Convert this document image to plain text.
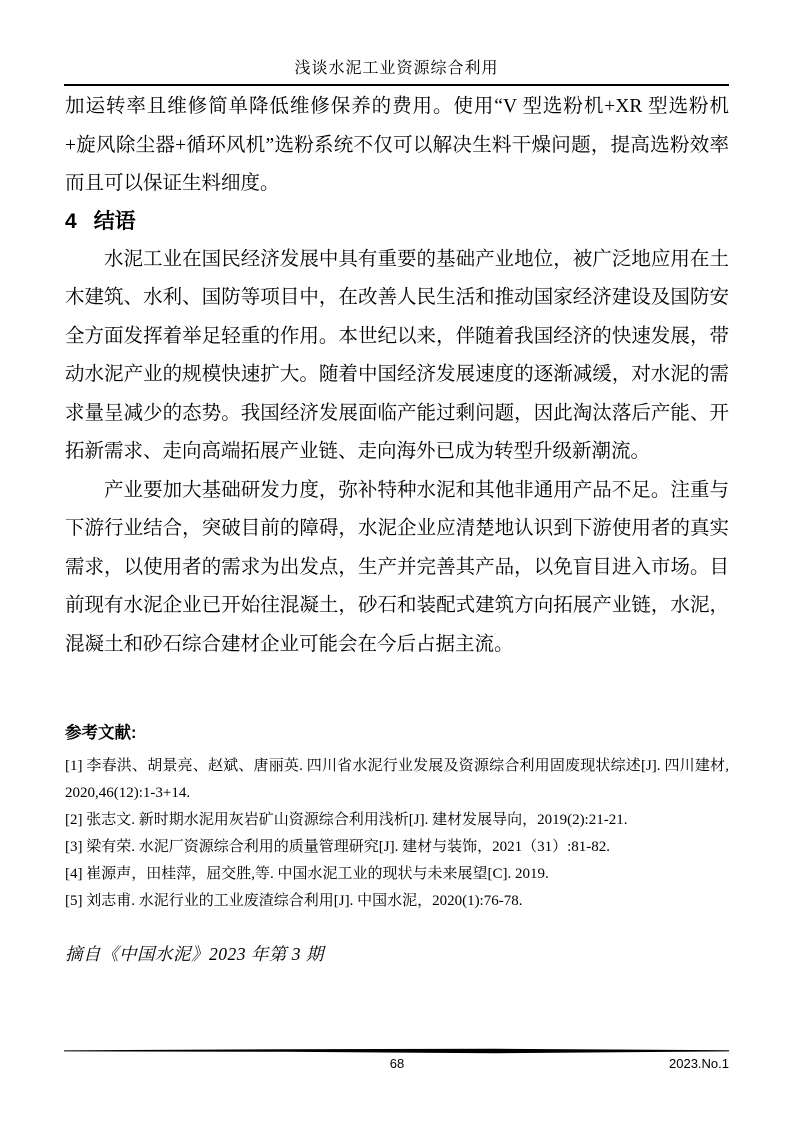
浅谈水泥工业资源综合利用

加运转率且维修简单降低维修保养的费用。使用“V 型选粉机+XR 型选粉机+旋风除尘器+循环风机”选粉系统不仅可以解决生料干燥问题，提高选粉效率而且可以保证生料细度。

4 结语

水泥工业在国民经济发展中具有重要的基础产业地位，被广泛地应用在土木建筑、水利、国防等项目中，在改善人民生活和推动国家经济建设及国防安全方面发挥着举足轻重的作用。本世纪以来，伴随着我国经济的快速发展，带动水泥产业的规模快速扩大。随着中国经济发展速度的逐渐减缓，对水泥的需求量呈减少的态势。我国经济发展面临产能过剩问题，因此淘汰落后产能、开拓新需求、走向高端拓展产业链、走向海外已成为转型升级新潮流。

产业要加大基础研发力度，弥补特种水泥和其他非通用产品不足。注重与下游行业结合，突破目前的障碍，水泥企业应清楚地认识到下游使用者的真实需求，以使用者的需求为出发点，生产并完善其产品，以免盲目进入市场。目前现有水泥企业已开始往混凝土，砂石和装配式建筑方向拓展产业链，水泥，混凝土和砂石综合建材企业可能会在今后占据主流。

参考文献:
[1] 李春洪、胡景亮、赵斌、唐丽英. 四川省水泥行业发展及资源综合利用固废现状综述[J]. 四川建材, 2020,46(12):1-3+14.
[2] 张志文. 新时期水泥用灰岩矿山资源综合利用浅析[J]. 建材发展导向，2019(2):21-21.
[3] 梁有荣. 水泥厂资源综合利用的质量管理研究[J]. 建材与装饰，2021（31）:81-82.
[4] 崔源声，田桂萍，屈交胜,等. 中国水泥工业的现状与未来展望[C]. 2019.
[5] 刘志甫. 水泥行业的工业废渣综合利用[J]. 中国水泥，2020(1):76-78.
摘自《中国水泥》2023 年第 3 期
68	2023.No.1
